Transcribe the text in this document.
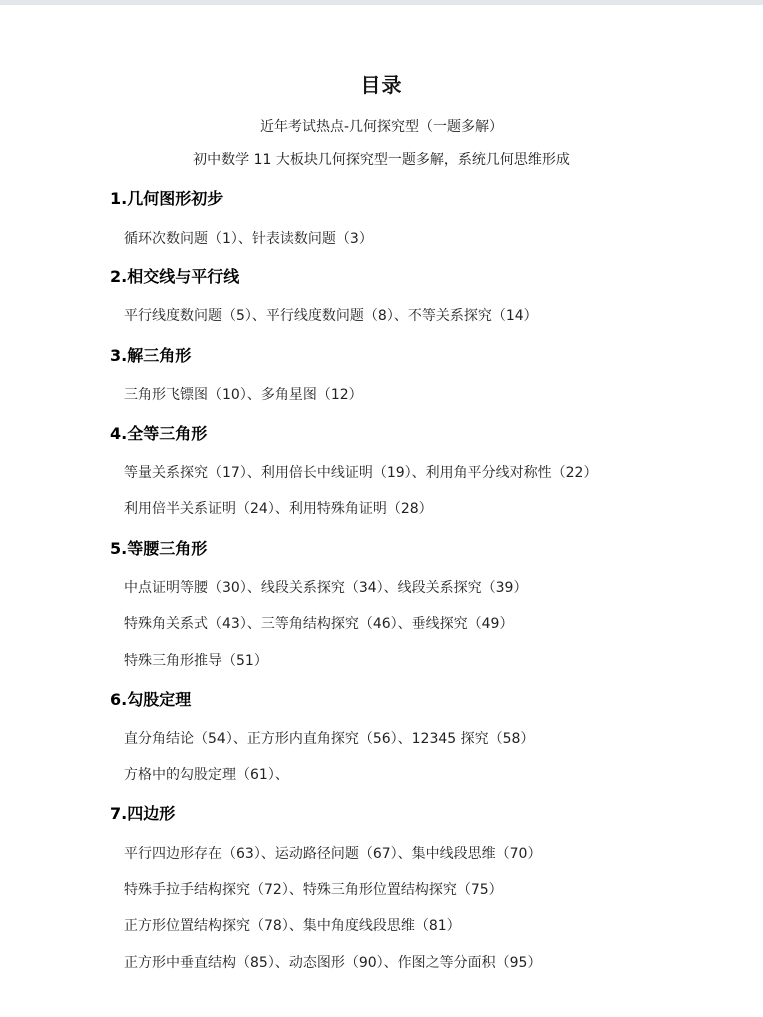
目录
近年考试热点-几何探究型（一题多解）
初中数学 11 大板块几何探究型一题多解，系统几何思维形成
1.几何图形初步
循环次数问题（1）、针表读数问题（3）
2.相交线与平行线
平行线度数问题（5）、平行线度数问题（8）、不等关系探究（14）
3.解三角形
三角形飞镖图（10）、多角星图（12）
4.全等三角形
等量关系探究（17）、利用倍长中线证明（19）、利用角平分线对称性（22）
利用倍半关系证明（24）、利用特殊角证明（28）
5.等腰三角形
中点证明等腰（30）、线段关系探究（34）、线段关系探究（39）
特殊角关系式（43）、三等角结构探究（46）、垂线探究（49）
特殊三角形推导（51）
6.勾股定理
直分角结论（54）、正方形内直角探究（56）、12345 探究（58）
方格中的勾股定理（61）、
7.四边形
平行四边形存在（63）、运动路径问题（67）、集中线段思维（70）
特殊手拉手结构探究（72）、特殊三角形位置结构探究（75）
正方形位置结构探究（78）、集中角度线段思维（81）
正方形中垂直结构（85）、动态图形（90）、作图之等分面积（95）
